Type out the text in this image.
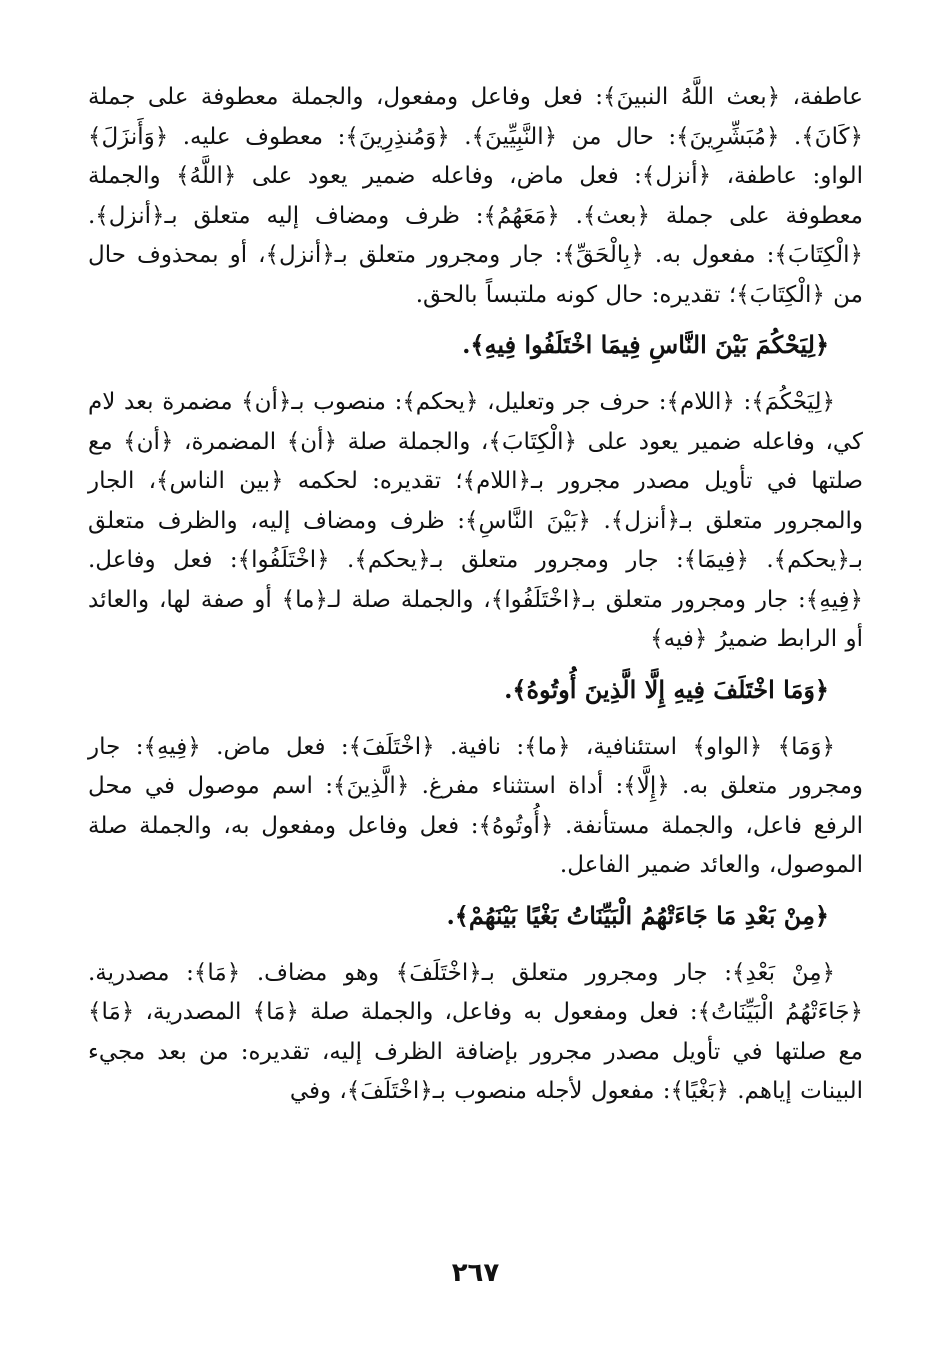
عاطفة، ﴿بعث اللَّهُ النبينَ﴾: فعل وفاعل ومفعول، والجملة معطوفة على جملة ﴿كَانَ﴾. ﴿مُبَشِّرِينَ﴾: حال من ﴿النَّبِيِّينَ﴾. ﴿وَمُنذِرِينَ﴾: معطوف عليه. ﴿وَأَنزَلَ﴾ الواو: عاطفة، ﴿أنزل﴾: فعل ماض، وفاعله ضمير يعود على ﴿اللَّهُ﴾ والجملة معطوفة على جملة ﴿بعث﴾. ﴿مَعَهُمُ﴾: ظرف ومضاف إليه متعلق بـ﴿أنزل﴾. ﴿الْكِتَابَ﴾: مفعول به. ﴿بِالْحَقِّ﴾: جار ومجرور متعلق بـ﴿أنزل﴾، أو بمحذوف حال من ﴿الْكِتَابَ﴾؛ تقديره: حال كونه ملتبساً بالحق.

﴿لِيَحْكُمَ بَيْنَ النَّاسِ فِيمَا اخْتَلَفُوا فِيهِ﴾.

﴿لِيَحْكُمَ﴾: ﴿اللام﴾: حرف جر وتعليل، ﴿يحكم﴾: منصوب بـ﴿أن﴾ مضمرة بعد لام كي، وفاعله ضمير يعود على ﴿الْكِتَابَ﴾، والجملة صلة ﴿أن﴾ المضمرة، ﴿أن﴾ مع صلتها في تأويل مصدر مجرور بـ﴿اللام﴾؛ تقديره: لحكمه ﴿بين الناس﴾، الجار والمجرور متعلق بـ﴿أنزل﴾. ﴿بَيْنَ النَّاسِ﴾: ظرف ومضاف إليه، والظرف متعلق بـ﴿يحكم﴾. ﴿فِيمَا﴾: جار ومجرور متعلق بـ﴿يحكم﴾. ﴿اخْتَلَفُوا﴾: فعل وفاعل. ﴿فِيهِ﴾: جار ومجرور متعلق بـ﴿اخْتَلَفُوا﴾، والجملة صلة لـ﴿ما﴾ أو صفة لها، والعائد أو الرابط ضميرُ ﴿فيه﴾

﴿وَمَا اخْتَلَفَ فِيهِ إِلَّا الَّذِينَ أُوتُوهُ﴾.

﴿وَمَا﴾ ﴿الواو﴾ استئنافية، ﴿ما﴾: نافية. ﴿اخْتَلَفَ﴾: فعل ماض. ﴿فِيهِ﴾: جار ومجرور متعلق به. ﴿إِلَّا﴾: أداة استثناء مفرغ. ﴿الَّذِينَ﴾: اسم موصول في محل الرفع فاعل، والجملة مستأنفة. ﴿أُوتُوهُ﴾: فعل وفاعل ومفعول به، والجملة صلة الموصول، والعائد ضمير الفاعل.

﴿مِنْ بَعْدِ مَا جَاءَتْهُمُ الْبَيِّنَاتُ بَغْيًا بَيْنَهُمْ﴾.

﴿مِنْ بَعْدِ﴾: جار ومجرور متعلق بـ﴿اخْتَلَفَ﴾ وهو مضاف. ﴿مَا﴾: مصدرية. ﴿جَاءَتْهُمُ الْبَيِّنَاتُ﴾: فعل ومفعول به وفاعل، والجملة صلة ﴿مَا﴾ المصدرية، ﴿مَا﴾ مع صلتها في تأويل مصدر مجرور بإضافة الظرف إليه، تقديره: من بعد مجيء البينات إياهم. ﴿بَغْيًا﴾: مفعول لأجله منصوب بـ﴿اخْتَلَفَ﴾، وفي

٢٦٧
